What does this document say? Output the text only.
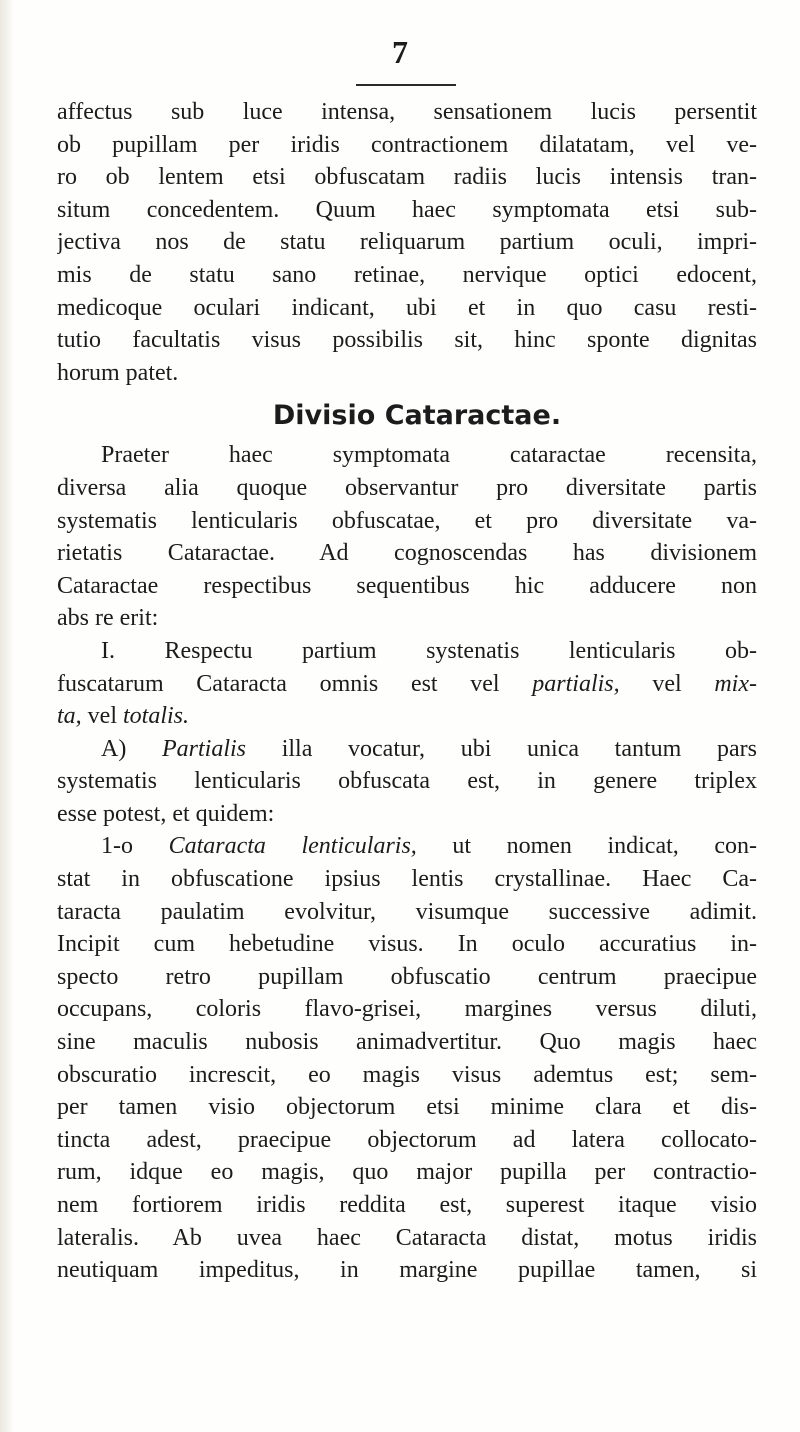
7
affectus sub luce intensa, sensationem lucis persentit
ob pupillam per iridis contractionem dilatatam, vel ve-
ro ob lentem etsi obfuscatam radiis lucis intensis tran-
situm concedentem. Quum haec symptomata etsi sub-
jectiva nos de statu reliquarum partium oculi, impri-
mis de statu sano retinae, nervique optici edocent,
medicoque oculari indicant, ubi et in quo casu resti-
tutio facultatis visus possibilis sit, hinc sponte dignitas
horum patet.
Divisio Cataractae.
Praeter haec symptomata cataractae recensita,
diversa alia quoque observantur pro diversitate partis
systematis lenticularis obfuscatae, et pro diversitate va-
rietatis Cataractae. Ad cognoscendas has divisionem
Cataractae respectibus sequentibus hic adducere non
abs re erit:
I. Respectu partium systenatis lenticularis ob-
fuscatarum Cataracta omnis est vel partialis, vel mix-
ta, vel totalis.
A) Partialis illa vocatur, ubi unica tantum pars
systematis lenticularis obfuscata est, in genere triplex
esse potest, et quidem:
1-o Cataracta lenticularis, ut nomen indicat, con-
stat in obfuscatione ipsius lentis crystallinae. Haec Ca-
taracta paulatim evolvitur, visumque successive adimit.
Incipit cum hebetudine visus. In oculo accuratius in-
specto retro pupillam obfuscatio centrum praecipue
occupans, coloris flavo-grisei, margines versus diluti,
sine maculis nubosis animadvertitur. Quo magis haec
obscuratio increscit, eo magis visus ademtus est; sem-
per tamen visio objectorum etsi minime clara et dis-
tincta adest, praecipue objectorum ad latera collocato-
rum, idque eo magis, quo major pupilla per contractio-
nem fortiorem iridis reddita est, superest itaque visio
lateralis. Ab uvea haec Cataracta distat, motus iridis
neutiquam impeditus, in margine pupillae tamen, si
